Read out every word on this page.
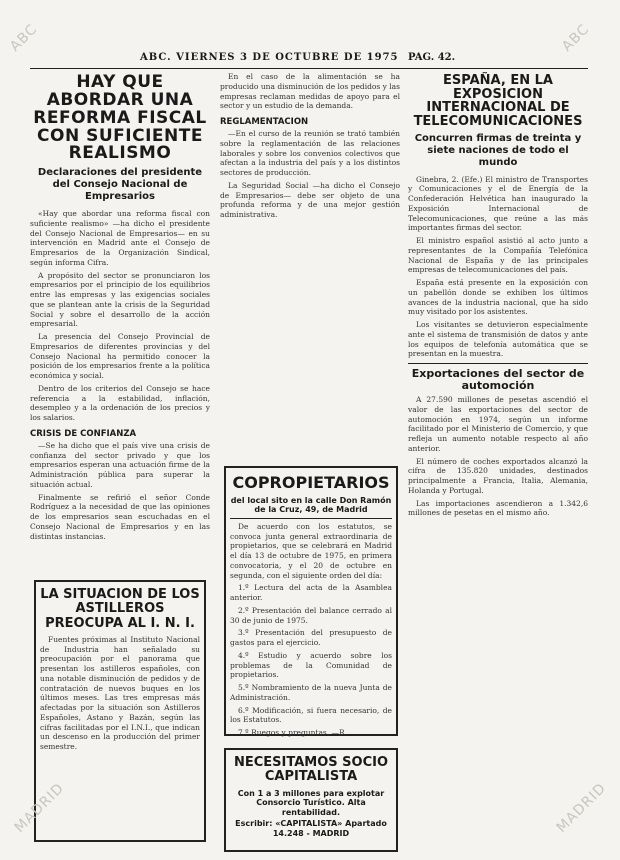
ABC. VIERNES 3 DE OCTUBRE DE 1975 PAG. 42.
HAY QUE ABORDAR UNA REFORMA FISCAL CON SUFICIENTE REALISMO
Declaraciones del presidente del Consejo Nacional de Empresarios

«Hay que abordar una reforma fiscal con suficiente realismo» —ha dicho el presidente del Consejo Nacional de Empresarios— en su intervención en Madrid ante el Consejo de Empresarios de la Organización Sindical, según informa Cifra.

A propósito del sector se pronunciaron los empresarios por el principio de los equilibrios entre las empresas y las exigencias sociales que se plantean ante la crisis de la Seguridad Social y sobre el desarrollo de la acción empresarial.

La presencia del Consejo Provincial de Empresarios de diferentes provincias y del Consejo Nacional ha permitido conocer la posición de los empresarios frente a la política económica y social.

Dentro de los criterios del Consejo se hace referencia a la estabilidad, inflación, desempleo y a la ordenación de los precios y los salarios.

CRISIS DE CONFIANZA

—Se ha dicho que el país vive una crisis de confianza del sector privado y que los empresarios esperan una actuación firme de la Administración pública para superar la situación actual.

Finalmente se refirió el señor Conde Rodríguez a la necesidad de que las opiniones de los empresarios sean escuchadas en el Consejo Nacional de Empresarios y en las distintas instancias.

LA SITUACION DE LOS ASTILLEROS PREOCUPA AL I. N. I.

Fuentes próximas al Instituto Nacional de Industria han señalado su preocupación por el panorama que presentan los astilleros españoles, con una notable disminución de pedidos y de contratación de nuevos buques en los últimos meses. Las tres empresas más afectadas por la situación son Astilleros Españoles, Astano y Bazán, según las cifras facilitadas por el I.N.I., que indican un descenso en la producción del primer semestre.

En el caso de la alimentación se ha producido una disminución de los pedidos y las empresas reclaman medidas de apoyo para el sector y un estudio de la demanda.

REGLAMENTACION

—En el curso de la reunión se trató también sobre la reglamentación de las relaciones laborales y sobre los convenios colectivos que afectan a la industria del país y a los distintos sectores de producción.

La Seguridad Social —ha dicho el Consejo de Empresarios— debe ser objeto de una profunda reforma y de una mejor gestión administrativa.

COPROPIETARIOS
del local sito en la calle Don Ramón de la Cruz, 49, de Madrid

De acuerdo con los estatutos, se convoca junta general extraordinaria de propietarios, que se celebrará en Madrid el día 13 de octubre de 1975, en primera convocatoria, y el 20 de octubre en segunda, con el siguiente orden del día:

1.º Lectura del acta de la Asamblea anterior.

2.º Presentación del balance cerrado al 30 de junio de 1975.

3.º Presentación del presupuesto de gastos para el ejercicio.

4.º Estudio y acuerdo sobre los problemas de la Comunidad de propietarios.

5.º Nombramiento de la nueva Junta de Administración.

6.º Modificación, si fuera necesario, de los Estatutos.

7.º Ruegos y preguntas. —R.

NECESITAMOS SOCIO CAPITALISTA
Con 1 a 3 millones para explotar Consorcio Turístico. Alta rentabilidad.
Escribir: «CAPITALISTA» Apartado 14.248 - MADRID
ESPAÑA, EN LA EXPOSICION INTERNACIONAL DE TELECOMUNICACIONES
Concurren firmas de treinta y siete naciones de todo el mundo

Ginebra, 2. (Efe.) El ministro de Transportes y Comunicaciones y el de Energía de la Confederación Helvética han inaugurado la Exposición Internacional de Telecomunicaciones, que reúne a las más importantes firmas del sector.

El ministro español asistió al acto junto a representantes de la Compañía Telefónica Nacional de España y de las principales empresas de telecomunicaciones del país.

España está presente en la exposición con un pabellón donde se exhiben los últimos avances de la industria nacional, que ha sido muy visitado por los asistentes.

Los visitantes se detuvieron especialmente ante el sistema de transmisión de datos y ante los equipos de telefonía automática que se presentan en la muestra.

Exportaciones del sector de automoción

A 27.590 millones de pesetas ascendió el valor de las exportaciones del sector de automoción en 1974, según un informe facilitado por el Ministerio de Comercio, y que refleja un aumento notable respecto al año anterior.

El número de coches exportados alcanzó la cifra de 135.820 unidades, destinados principalmente a Francia, Italia, Alemania, Holanda y Portugal.

Las importaciones ascendieron a 1.342,6 millones de pesetas en el mismo año.

ABC	ABC
MADRID	MADRID
